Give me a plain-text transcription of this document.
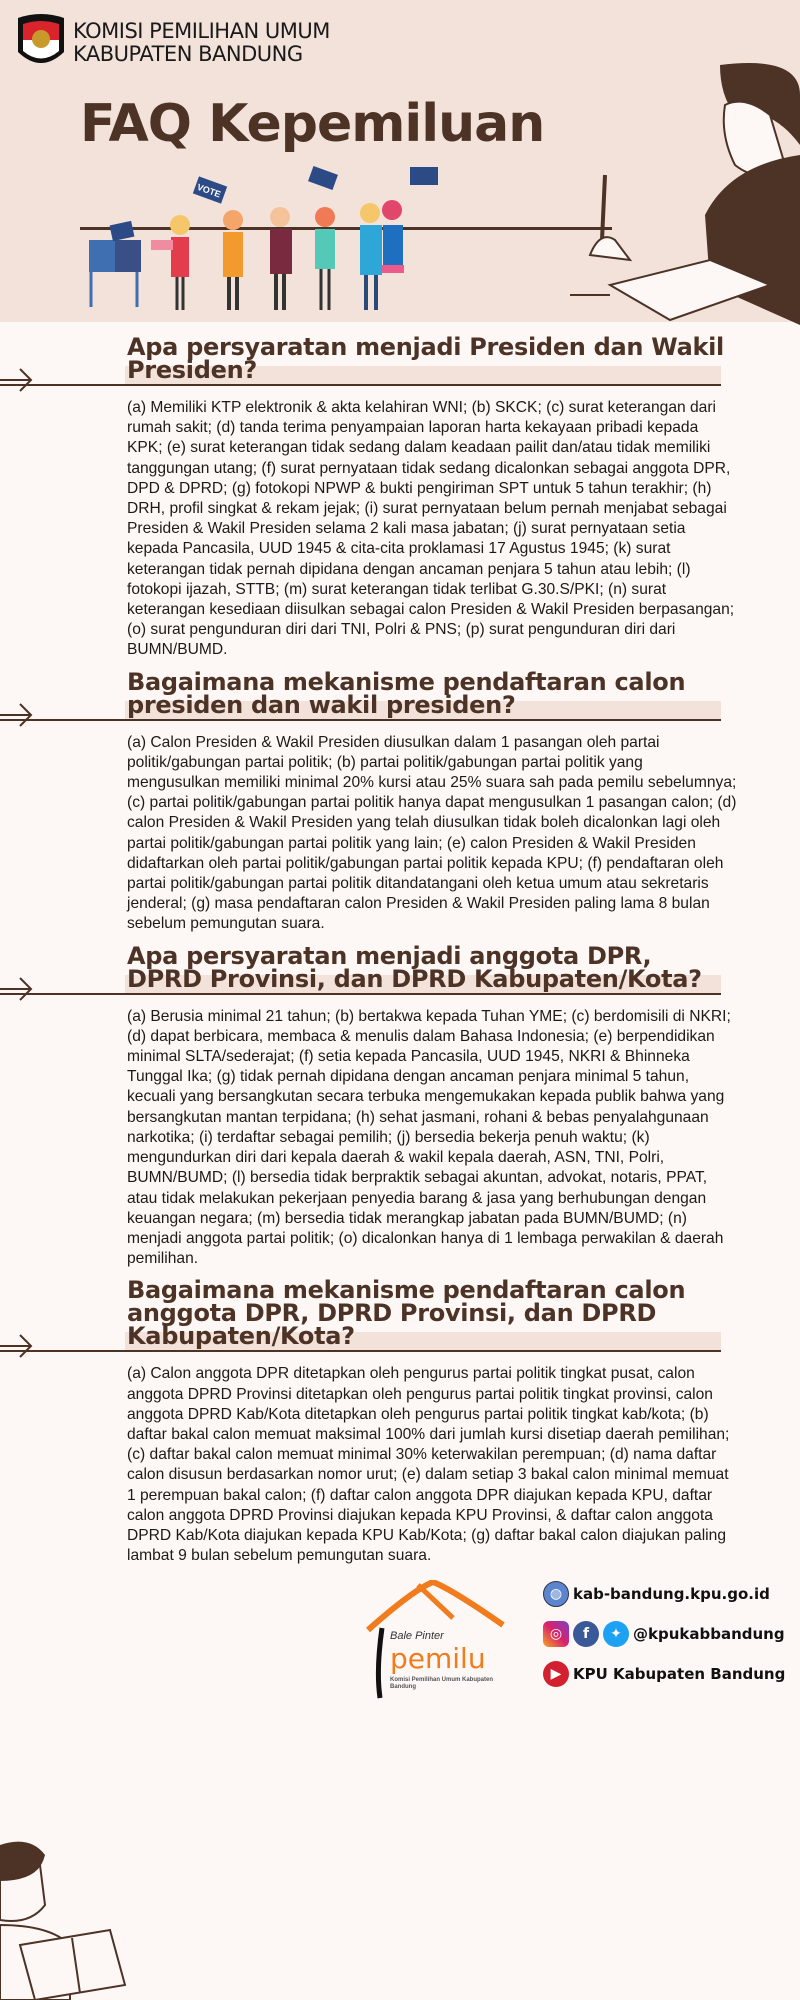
KOMISI PEMILIHAN UMUM
KABUPATEN BANDUNG
FAQ Kepemiluan
VOTE
Apa persyaratan menjadi Presiden dan Wakil Presiden?

(a) Memiliki KTP elektronik & akta kelahiran WNI; (b) SKCK; (c) surat keterangan dari rumah sakit; (d) tanda terima penyampaian laporan harta kekayaan pribadi kepada KPK; (e) surat keterangan tidak sedang dalam keadaan pailit dan/atau tidak memiliki tanggungan utang; (f) surat pernyataan tidak sedang dicalonkan sebagai anggota DPR, DPD & DPRD; (g) fotokopi NPWP & bukti pengiriman SPT untuk 5 tahun terakhir; (h) DRH, profil singkat & rekam jejak; (i) surat pernyataan belum pernah menjabat sebagai Presiden & Wakil Presiden selama 2 kali masa jabatan; (j) surat pernyataan setia kepada Pancasila, UUD 1945 & cita-cita proklamasi 17 Agustus 1945; (k) surat keterangan tidak pernah dipidana dengan ancaman penjara 5 tahun atau lebih; (l) fotokopi ijazah, STTB; (m) surat keterangan tidak terlibat G.30.S/PKI; (n) surat keterangan kesediaan diisulkan sebagai calon Presiden & Wakil Presiden berpasangan; (o) surat pengunduran diri dari TNI, Polri & PNS; (p) surat pengunduran diri dari BUMN/BUMD.

Bagaimana mekanisme pendaftaran calon presiden dan wakil presiden?

(a) Calon Presiden & Wakil Presiden diusulkan dalam 1 pasangan oleh partai politik/gabungan partai politik; (b) partai politik/gabungan partai politik yang mengusulkan memiliki minimal 20% kursi atau 25% suara sah pada pemilu sebelumnya; (c) partai politik/gabungan partai politik hanya dapat mengusulkan 1 pasangan calon; (d) calon Presiden & Wakil Presiden yang telah diusulkan tidak boleh dicalonkan lagi oleh partai politik/gabungan partai politik yang lain; (e) calon Presiden & Wakil Presiden didaftarkan oleh partai politik/gabungan partai politik kepada KPU; (f) pendaftaran oleh partai politik/gabungan partai politik ditandatangani oleh ketua umum atau sekretaris jenderal; (g) masa pendaftaran calon Presiden & Wakil Presiden paling lama 8 bulan sebelum pemungutan suara.

Apa persyaratan menjadi anggota DPR, DPRD Provinsi, dan DPRD Kabupaten/Kota?

(a) Berusia minimal 21 tahun; (b) bertakwa kepada Tuhan YME; (c) berdomisili di NKRI; (d) dapat berbicara, membaca & menulis dalam Bahasa Indonesia; (e) berpendidikan minimal SLTA/sederajat; (f) setia kepada Pancasila, UUD 1945, NKRI & Bhinneka Tunggal Ika; (g) tidak pernah dipidana dengan ancaman penjara minimal 5 tahun, kecuali yang bersangkutan secara terbuka mengemukakan kepada publik bahwa yang bersangkutan mantan terpidana; (h) sehat jasmani, rohani & bebas penyalahgunaan narkotika; (i) terdaftar sebagai pemilih; (j) bersedia bekerja penuh waktu; (k) mengundurkan diri dari kepala daerah & wakil kepala daerah, ASN, TNI, Polri, BUMN/BUMD; (l) bersedia tidak berpraktik sebagai akuntan, advokat, notaris, PPAT, atau tidak melakukan pekerjaan penyedia barang & jasa yang berhubungan dengan keuangan negara; (m) bersedia tidak merangkap jabatan pada BUMN/BUMD; (n) menjadi anggota partai politik; (o) dicalonkan hanya di 1 lembaga perwakilan & daerah pemilihan.

Bagaimana mekanisme pendaftaran calon anggota DPR, DPRD Provinsi, dan DPRD Kabupaten/Kota?

(a) Calon anggota DPR ditetapkan oleh pengurus partai politik tingkat pusat, calon anggota DPRD Provinsi ditetapkan oleh pengurus partai politik tingkat provinsi, calon anggota DPRD Kab/Kota ditetapkan oleh pengurus partai politik tingkat kab/kota; (b) daftar bakal calon memuat maksimal 100% dari jumlah kursi disetiap daerah pemilihan; (c) daftar bakal calon memuat minimal 30% keterwakilan perempuan; (d) nama daftar calon disusun berdasarkan nomor urut; (e) dalam setiap 3 bakal calon minimal memuat 1 perempuan bakal calon; (f) daftar calon anggota DPR diajukan kepada KPU, daftar calon anggota DPRD Provinsi diajukan kepada KPU Provinsi, & daftar calon anggota DPRD Kab/Kota diajukan kepada KPU Kab/Kota; (g) daftar bakal calon diajukan paling lambat 9 bulan sebelum pemungutan suara.

Bale Pinter
pemilu
Komisi Pemilihan Umum Kabupaten Bandung
◍ kab-bandung.kpu.go.id
◎	f	✦ @kpukabbandung
▶ KPU Kabupaten Bandung
